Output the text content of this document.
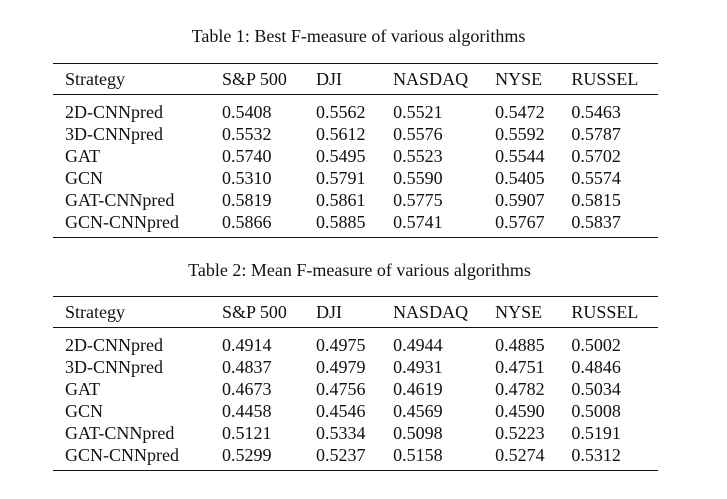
Table 1: Best F-measure of various algorithms
Strategy	S&P 500	DJI	NASDAQ	NYSE	RUSSEL
2D-CNNpred	0.5408	0.5562	0.5521	0.5472	0.5463
3D-CNNpred	0.5532	0.5612	0.5576	0.5592	0.5787
GAT	0.5740	0.5495	0.5523	0.5544	0.5702
GCN	0.5310	0.5791	0.5590	0.5405	0.5574
GAT-CNNpred	0.5819	0.5861	0.5775	0.5907	0.5815
GCN-CNNpred	0.5866	0.5885	0.5741	0.5767	0.5837
Table 2: Mean F-measure of various algorithms
Strategy	S&P 500	DJI	NASDAQ	NYSE	RUSSEL
2D-CNNpred	0.4914	0.4975	0.4944	0.4885	0.5002
3D-CNNpred	0.4837	0.4979	0.4931	0.4751	0.4846
GAT	0.4673	0.4756	0.4619	0.4782	0.5034
GCN	0.4458	0.4546	0.4569	0.4590	0.5008
GAT-CNNpred	0.5121	0.5334	0.5098	0.5223	0.5191
GCN-CNNpred	0.5299	0.5237	0.5158	0.5274	0.5312
